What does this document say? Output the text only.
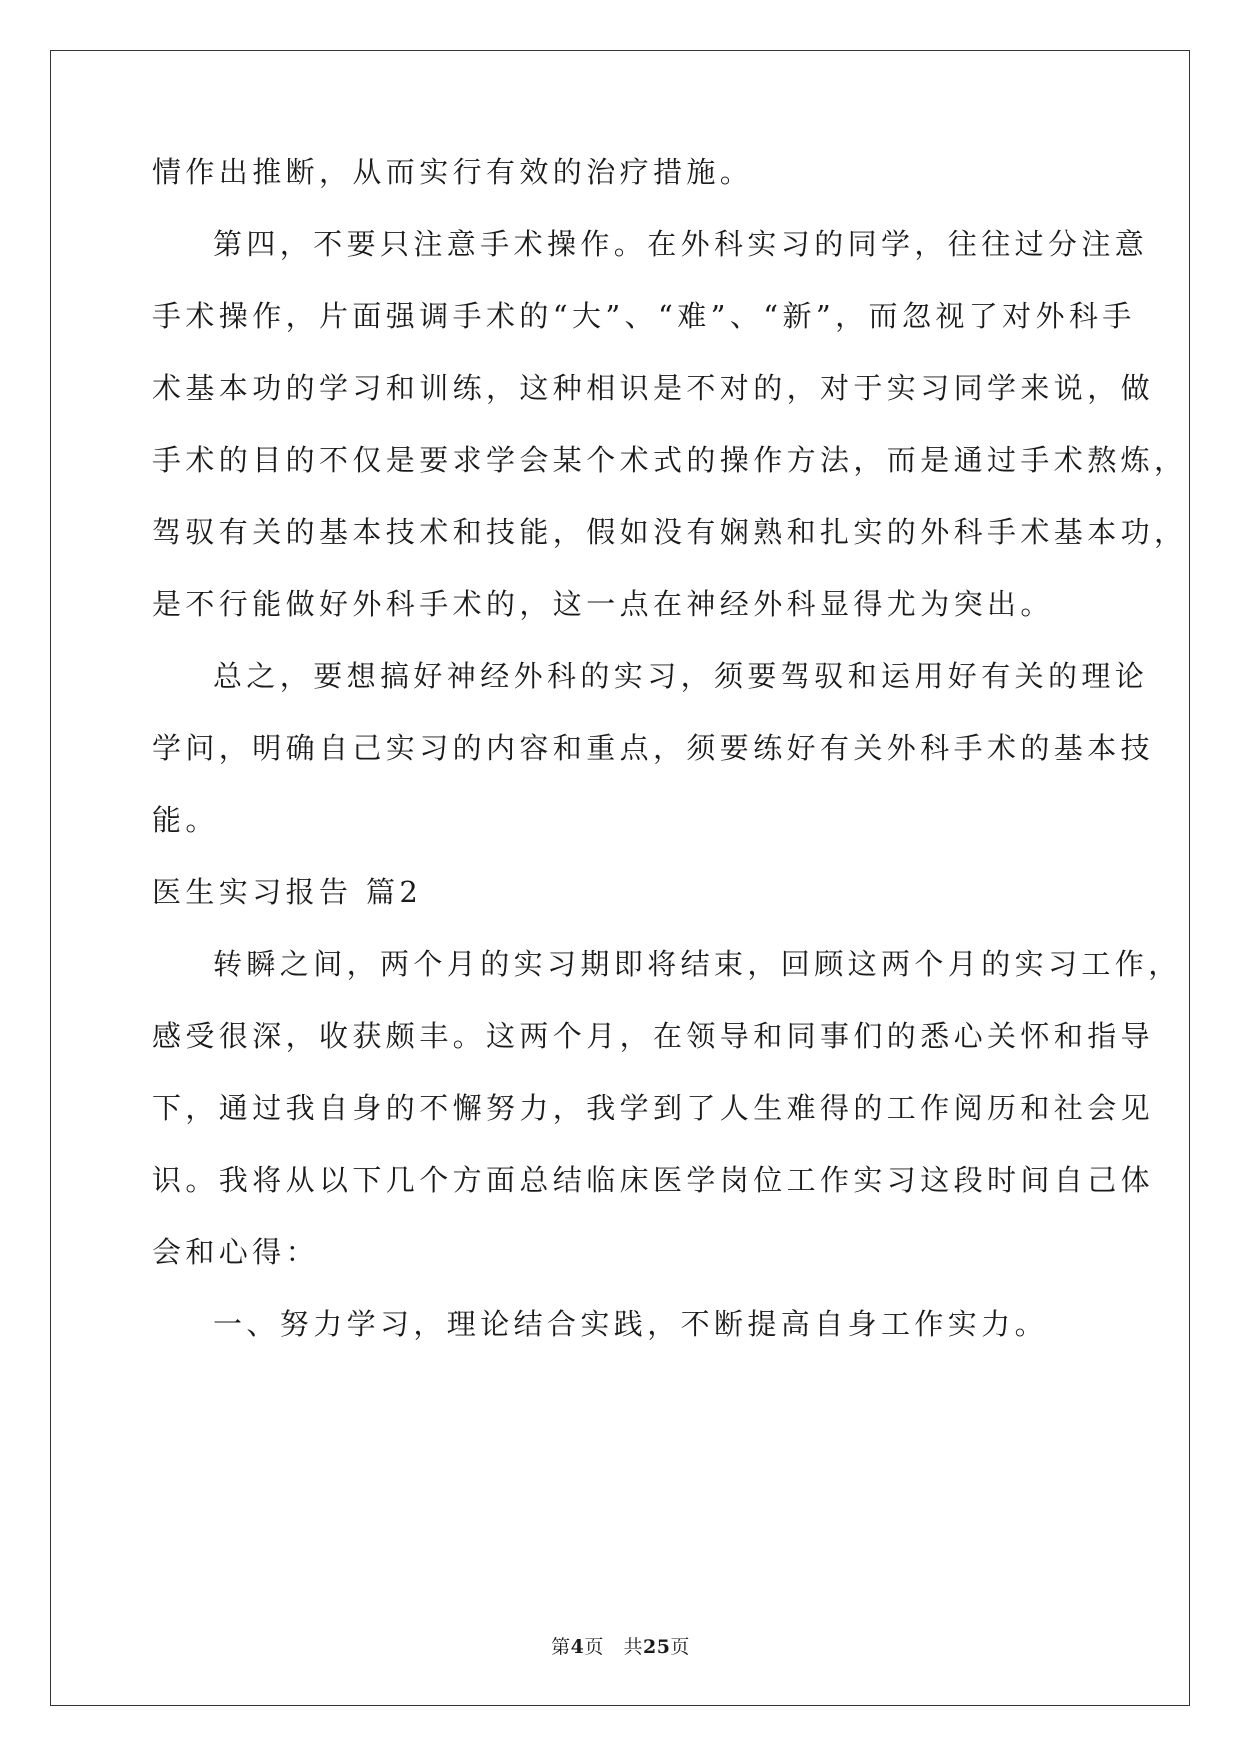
情作出推断，从而实行有效的治疗措施。
第四，不要只注意手术操作。在外科实习的同学，往往过分注意
手术操作，片面强调手术的“大”、“难”、“新”，而忽视了对外科手
术基本功的学习和训练，这种相识是不对的，对于实习同学来说，做
手术的目的不仅是要求学会某个术式的操作方法，而是通过手术熬炼，
驾驭有关的基本技术和技能，假如没有娴熟和扎实的外科手术基本功，
是不行能做好外科手术的，这一点在神经外科显得尤为突出。
总之，要想搞好神经外科的实习，须要驾驭和运用好有关的理论
学问，明确自己实习的内容和重点，须要练好有关外科手术的基本技
能。
医生实习报告 篇2
转瞬之间，两个月的实习期即将结束，回顾这两个月的实习工作，
感受很深，收获颇丰。这两个月，在领导和同事们的悉心关怀和指导
下，通过我自身的不懈努力，我学到了人生难得的工作阅历和社会见
识。我将从以下几个方面总结临床医学岗位工作实习这段时间自己体
会和心得：
一、努力学习，理论结合实践，不断提高自身工作实力。
第4页 共25页
